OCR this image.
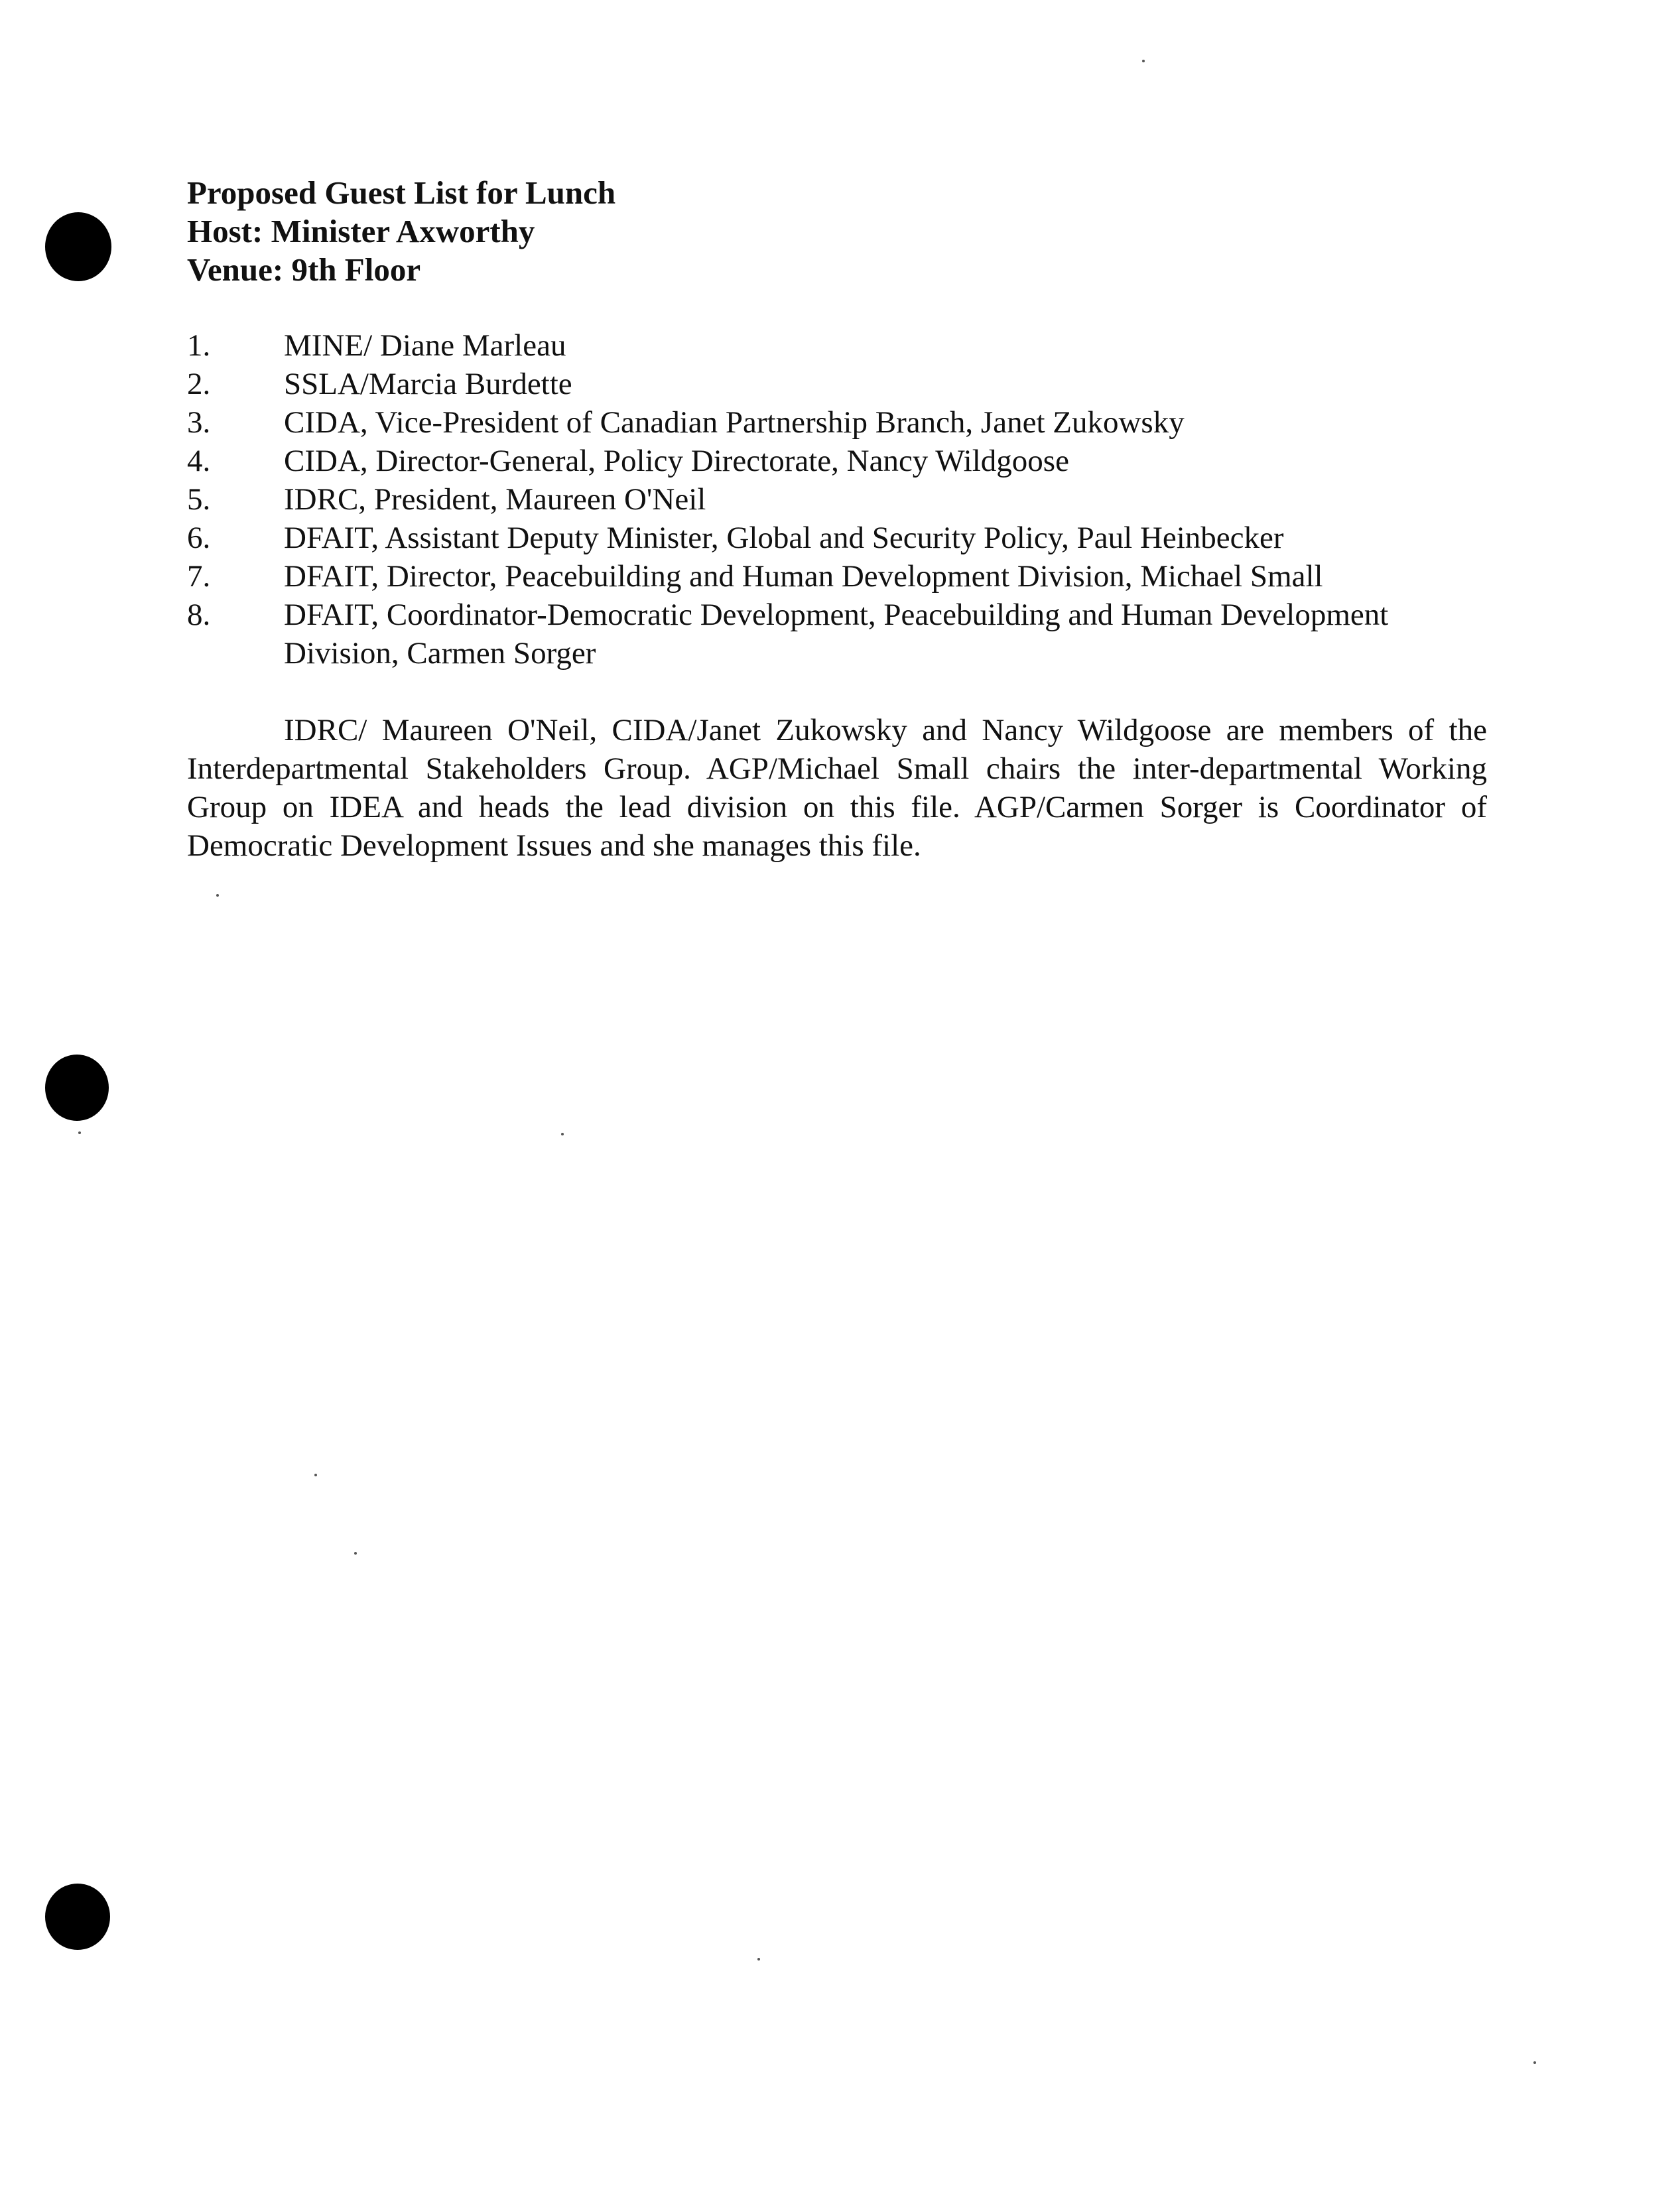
Proposed Guest List for Lunch
Host: Minister Axworthy
Venue: 9th Floor
1.	MINE/ Diane Marleau
2.	SSLA/Marcia Burdette
3.	CIDA, Vice-President of Canadian Partnership Branch, Janet Zukowsky
4.	CIDA, Director-General, Policy Directorate, Nancy Wildgoose
5.	IDRC, President, Maureen O'Neil
6.	DFAIT, Assistant Deputy Minister, Global and Security Policy, Paul Heinbecker
7.	DFAIT, Director, Peacebuilding and Human Development Division, Michael Small
8.	DFAIT, Coordinator-Democratic Development, Peacebuilding and Human Development Division, Carmen Sorger
IDRC/ Maureen O'Neil, CIDA/Janet Zukowsky and Nancy Wildgoose are members of the Interdepartmental Stakeholders Group. AGP/Michael Small chairs the inter-departmental Working Group on IDEA and heads the lead division on this file. AGP/Carmen Sorger is Coordinator of Democratic Development Issues and she manages this file.
